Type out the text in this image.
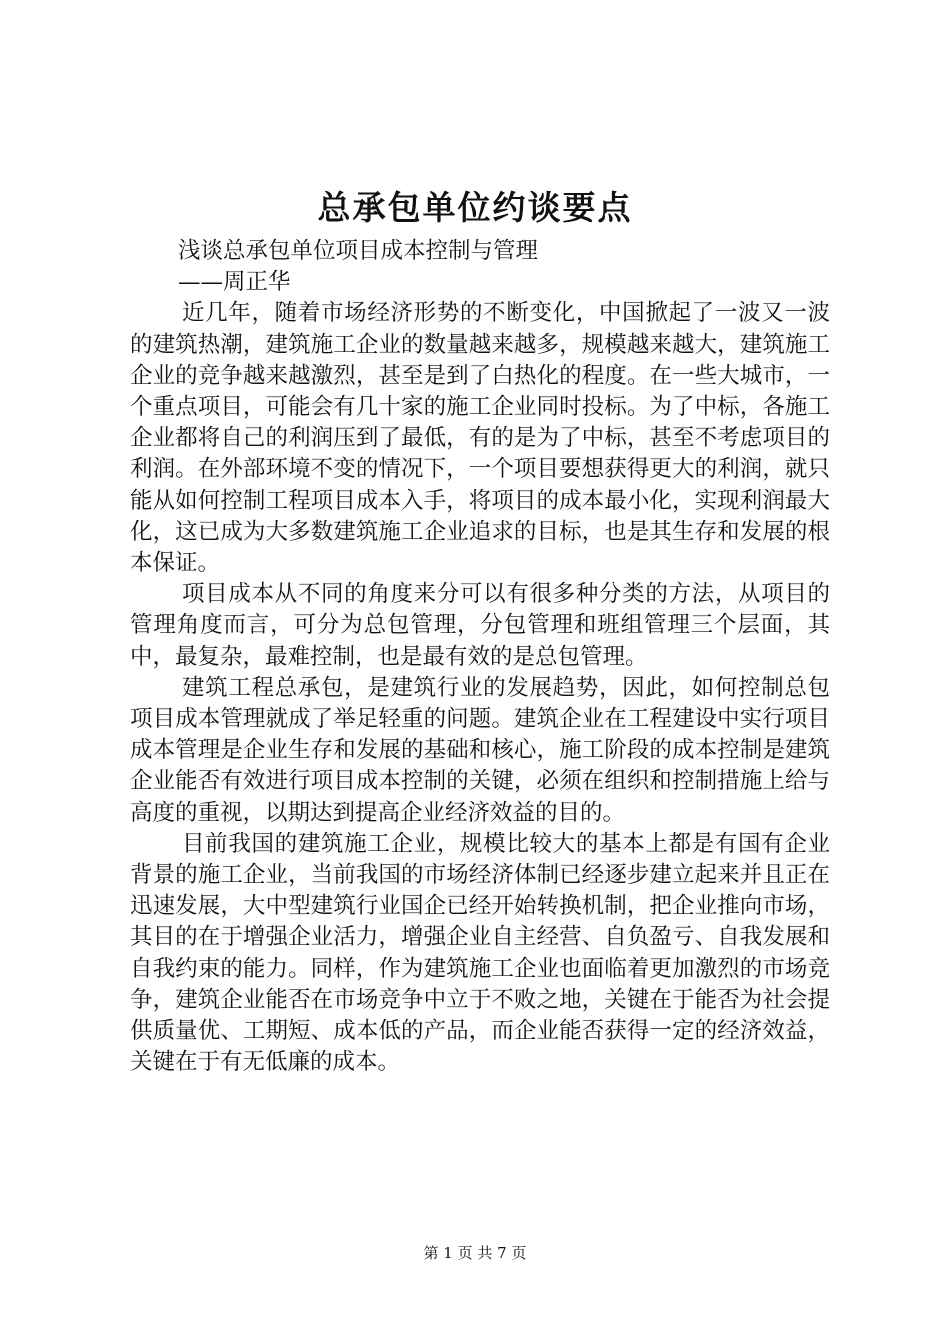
总承包单位约谈要点

浅谈总承包单位项目成本控制与管理

——周正华

近几年，随着市场经济形势的不断变化，中国掀起了一波又一波的建筑热潮，建筑施工企业的数量越来越多，规模越来越大，建筑施工企业的竞争越来越激烈，甚至是到了白热化的程度。在一些大城市，一个重点项目，可能会有几十家的施工企业同时投标。为了中标，各施工企业都将自己的利润压到了最低，有的是为了中标，甚至不考虑项目的利润。在外部环境不变的情况下，一个项目要想获得更大的利润，就只能从如何控制工程项目成本入手，将项目的成本最小化，实现利润最大化，这已成为大多数建筑施工企业追求的目标，也是其生存和发展的根本保证。

项目成本从不同的角度来分可以有很多种分类的方法，从项目的管理角度而言，可分为总包管理，分包管理和班组管理三个层面，其中，最复杂，最难控制，也是最有效的是总包管理。

建筑工程总承包，是建筑行业的发展趋势，因此，如何控制总包项目成本管理就成了举足轻重的问题。建筑企业在工程建设中实行项目成本管理是企业生存和发展的基础和核心，施工阶段的成本控制是建筑企业能否有效进行项目成本控制的关键，必须在组织和控制措施上给与高度的重视，以期达到提高企业经济效益的目的。

目前我国的建筑施工企业，规模比较大的基本上都是有国有企业背景的施工企业，当前我国的市场经济体制已经逐步建立起来并且正在迅速发展，大中型建筑行业国企已经开始转换机制，把企业推向市场，其目的在于增强企业活力，增强企业自主经营、自负盈亏、自我发展和自我约束的能力。同样，作为建筑施工企业也面临着更加激烈的市场竞争，建筑企业能否在市场竞争中立于不败之地，关键在于能否为社会提供质量优、工期短、成本低的产品，而企业能否获得一定的经济效益，关键在于有无低廉的成本。

第 1 页 共 7 页
